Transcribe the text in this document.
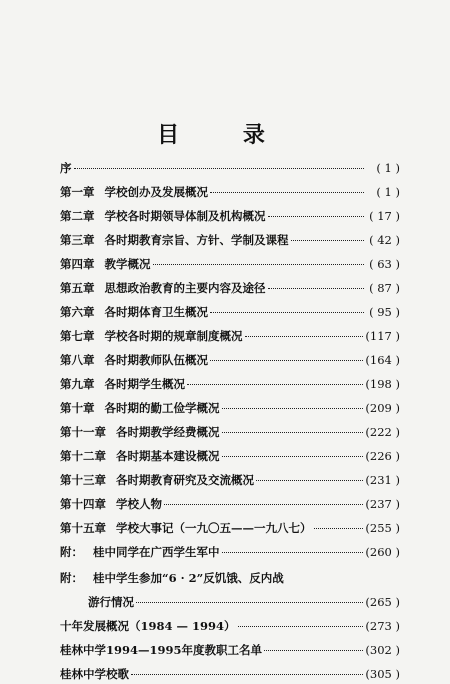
目 录
序	( 1 )
第一章 学校创办及发展概况	( 1 )
第二章 学校各时期领导体制及机构概况	( 17 )
第三章 各时期教育宗旨、方针、学制及课程	( 42 )
第四章 教学概况	( 63 )
第五章 思想政治教育的主要内容及途径	( 87 )
第六章 各时期体育卫生概况	( 95 )
第七章 学校各时期的规章制度概况	(117 )
第八章 各时期教师队伍概况	(164 )
第九章 各时期学生概况	(198 )
第十章 各时期的勤工俭学概况	(209 )
第十一章 各时期教学经费概况	(222 )
第十二章 各时期基本建设概况	(226 )
第十三章 各时期教育研究及交流概况	(231 )
第十四章 学校人物	(237 )
第十五章 学校大事记（一九〇五——一九八七）	(255 )
附： 桂中同学在广西学生军中	(260 )
附： 桂中学生参加“6 · 2”反饥饿、反内战
游行情况	(265 )
十年发展概况（1984 — 1994）	(273 )
桂林中学1994—1995年度教职工名单	(302 )
桂林中学校歌	(305 )
